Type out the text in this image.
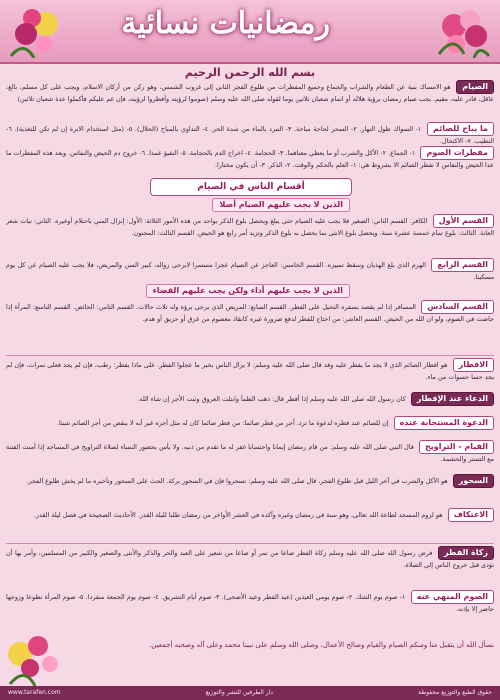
رمضانيات نسائية
بسم الله الرحمن الرحيم
الصيام هو الامساك بنية عن الطعام والشراب والجماع وجميع المفطرات من طلوع الفجر الثاني إلى غروب الشمس، وهو ركن من أركان الاسلام، ويجب على كل مسلم، بالغ، عاقل، قادر عليه، مقيم. يجب صيام رمضان برؤية هلاله أو اتمام شعبان ثلاثين يوما لقوله صلى الله عليه وسلم (صوموا لرؤيته وأفطروا لرؤيته، فإن غم عليكم فأكملوا عدة شعبان ثلاثين)
ما يباح للصائم ١- السواك طول النهار. ٢- السحر لحاجة مباحة. ٣- التبرد بالماء من شدة الحر. ٤- التداوي بالمباح (الحلال). ٥- (مثل استخدام الابرة إن لم تكن للتغذية). ٦- التطيب. ٧- الاكتحال.
مفطرات الصوم ١- الجماع. ٢- الأكل والشرب أو ما يعطي معناهما. ٣- الحجامة. ٤- اخراج الدم بالحجامة. ٥- التقيؤ عمدا. ٦- خروج دم الحيض والنفاس. ويعد هذه المفطرات ما عدا الحيض والنفاس لا تفطر الصائم الا بشروط هي: ١- العلم بالحكم والوقت. ٢- الذكر. ٣- أن يكون مختارا.
أقسام الناس في الصيام
الذين لا يجب عليهم الصيام أصلا
القسم الأول الكافر. القسم الثاني: الصغير فلا يجب عليه الصيام حتى يبلغ ويحصل بلوغ الذكر بواحد من هذه الأمور الثلاثة: الأول: إنزال المني باحتلام أوغيره. الثاني: نبات شعر العانة. الثالث: بلوغ تمام خمسة عشرة سنة. ويحصل بلوغ الانثى بما يحصل به بلوغ الذكر وتزيد أمر رابع هو الحيض. القسم الثالث: المجنون.
القسم الرابع الهرم الذي بلغ الهذيان وسقط تمييزه. القسم الخامس: العاجز عن الصيام عجزا مستمرا لايرجى زواله، كبير السن والمريض، فلا يجب عليه الصيام عن كل يوم مسكينا.
الذين لا يجب عليهم أداء ولكن يجب عليهم القضاء
القسم السادس المسافر إذا لم يقصد بسفره التحيل على الفطر. القسم السابع: المريض الذي يرجى برؤه وله ثلاث حالات. القسم الثامن: الحائض. القسم التاسع: المرأة إذا حاضت في الصوم، ولو ان الله من الحيض. القسم العاشر: من احتاج للفطر لدفع ضرورة غيره كانقاذ معصوم من غرق أو حريق أو هدم.
الافطار هو افطار الصائم الذي لا يجد ما يفطر عليه وقد قال صلى الله عليه وسلم: لا يزال الناس بخير ما عجلوا الفطر. على ماذا يفطر: رطب، فإن لم يجد فعلى تمرات، فإن لم يجد حسا حسوات من ماء.
الدعاء عند الإفطار كان رسول الله صلى الله عليه وسلم إذا أفطر قال: ذهب الظمأ وابتلت العروق وثبت الأجر إن شاء الله.
الدعوة المستجابة عنده إن للصائم عند فطره لدعوة ما ترد. أجر من فطر صائما: من فطر صائما كان له مثل أجره غير أنه لا ينقص من أجر الصائم شيئا.
القيام - التراويح قال النبي صلى الله عليه وسلم: من قام رمضان إيمانا واحتسابا غفر له ما تقدم من ذنبه. ولا بأس بحضور النساء لصلاة التراويح في المساجد إذا أمنت الفتنة مع التستر والحشمة.
السحور هو الأكل والشرب في آخر الليل قبل طلوع الفجر، قال صلى الله عليه وسلم: تسحروا فإن في السحور بركة. الحث على السحور وتأخيره ما لم يخش طلوع الفجر.
الاعتكاف هو لزوم المسجد لطاعة الله تعالى، وهو سنة في رمضان وغيره وآكده في العشر الأواخر من رمضان طلبا لليلة القدر. الأحاديث الصحيحة في فضل ليلة القدر.
زكاة الفطر فرض رسول الله صلى الله عليه وسلم زكاة الفطر صاعا من تمر أو صاعا من شعير على العبد والحر والذكر والأنثى والصغير والكبير من المسلمين، وأمر بها أن تؤدى قبل خروج الناس إلى الصلاة.
الصوم المنهي عنه ١- صوم يوم الشك. ٢- صوم يومي العيدين (عيد الفطر وعيد الأضحى). ٣- صوم أيام التشريق. ٤- صوم يوم الجمعة منفردا. ٥- صوم المرأة تطوعا وزوجها حاضر إلا بإذنه.
نسأل الله أن يتقبل منا ومنكم الصيام والقيام وصالح الأعمال، وصلى الله وسلم على نبينا محمد وعلى آله وصحبه أجمعين.
حقوق الطبع والتوزيع محفوظة
دار الطرفين للنشر والتوزيع
www.tarafen.com
